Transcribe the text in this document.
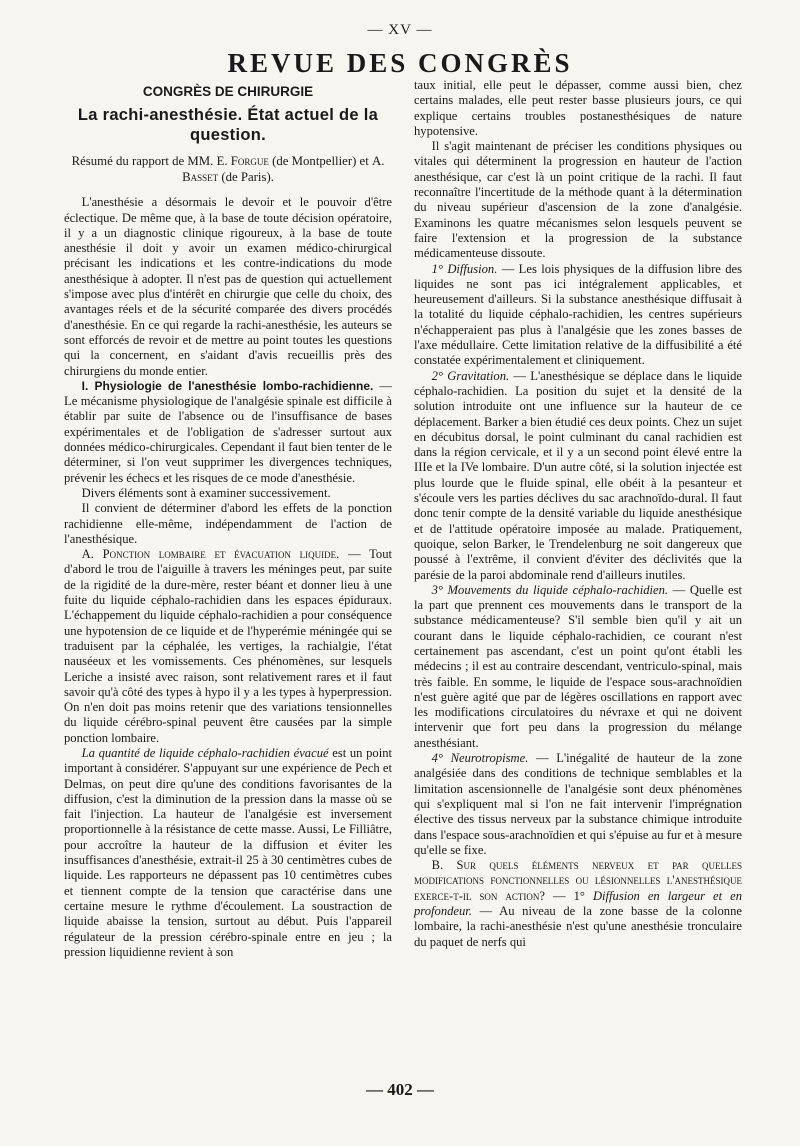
— XV —
REVUE DES CONGRÈS
CONGRÈS DE CHIRURGIE
La rachi-anesthésie. État actuel de la question.
Résumé du rapport de MM. E. Forgue (de Montpellier) et A. Basset (de Paris).

L'anesthésie a désormais le devoir et le pouvoir d'être éclectique. De même que, à la base de toute décision opératoire, il y a un diagnostic clinique rigoureux, à la base de toute anesthésie il doit y avoir un examen médico-chirurgical précisant les indications et les contre-indications du mode anesthésique à adopter. Il n'est pas de question qui actuellement s'impose avec plus d'intérêt en chirurgie que celle du choix, des avantages réels et de la sécurité comparée des divers procédés d'anesthésie. En ce qui regarde la rachi-anesthésie, les auteurs se sont efforcés de revoir et de mettre au point toutes les questions qui la concernent, en s'aidant d'avis recueillis près des chirurgiens du monde entier.

I. Physiologie de l'anesthésie lombo-rachidienne. — Le mécanisme physiologique de l'analgésie spinale est difficile à établir par suite de l'absence ou de l'insuffisance de bases expérimentales et de l'obligation de s'adresser surtout aux données médico-chirurgicales. Cependant il faut bien tenter de le déterminer, si l'on veut supprimer les divergences techniques, prévenir les échecs et les risques de ce mode d'anesthésie.

Divers éléments sont à examiner successivement.

Il convient de déterminer d'abord les effets de la ponction rachidienne elle-même, indépendamment de l'action de l'anesthésique.

A. Ponction lombaire et évacuation liquide. — Tout d'abord le trou de l'aiguille à travers les méninges peut, par suite de la rigidité de la dure-mère, rester béant et donner lieu à une fuite du liquide céphalo-rachidien dans les espaces épiduraux. L'échappement du liquide céphalo-rachidien a pour conséquence une hypotension de ce liquide et de l'hyperémie méningée qui se traduisent par la céphalée, les vertiges, la rachialgie, l'état nauséeux et les vomissements. Ces phénomènes, sur lesquels Leriche a insisté avec raison, sont relativement rares et il faut savoir qu'à côté des types à hypo il y a les types à hyperpression. On n'en doit pas moins retenir que des variations tensionnelles du liquide cérébro-spinal peuvent être causées par la simple ponction lombaire.

La quantité de liquide céphalo-rachidien évacué est un point important à considérer. S'appuyant sur une expérience de Pech et Delmas, on peut dire qu'une des conditions favorisantes de la diffusion, c'est la diminution de la pression dans la masse où se fait l'injection. La hauteur de l'analgésie est inversement proportionnelle à la résistance de cette masse. Aussi, Le Filliâtre, pour accroître la hauteur de la diffusion et éviter les insuffisances d'anesthésie, extrait-il 25 à 30 centimètres cubes de liquide. Les rapporteurs ne dépassent pas 10 centimètres cubes et tiennent compte de la tension que caractérise dans une certaine mesure le rythme d'écoulement. La soustraction de liquide abaisse la tension, surtout au début. Puis l'appareil régulateur de la pression cérébro-spinale entre en jeu ; la pression liquidienne revient à son

taux initial, elle peut le dépasser, comme aussi bien, chez certains malades, elle peut rester basse plusieurs jours, ce qui explique certains troubles postanesthésiques de nature hypotensive.

Il s'agit maintenant de préciser les conditions physiques ou vitales qui déterminent la progression en hauteur de l'action anesthésique, car c'est là un point critique de la rachi. Il faut reconnaître l'incertitude de la méthode quant à la détermination du niveau supérieur d'ascension de la zone d'analgésie. Examinons les quatre mécanismes selon lesquels peuvent se faire l'extension et la progression de la substance médicamenteuse dissoute.

1° Diffusion. — Les lois physiques de la diffusion libre des liquides ne sont pas ici intégralement applicables, et heureusement d'ailleurs. Si la substance anesthésique diffusait à la totalité du liquide céphalo-rachidien, les centres supérieurs n'échapperaient pas plus à l'analgésie que les zones basses de l'axe médullaire. Cette limitation relative de la diffusibilité a été constatée expérimentalement et cliniquement.

2° Gravitation. — L'anesthésique se déplace dans le liquide céphalo-rachidien. La position du sujet et la densité de la solution introduite ont une influence sur la hauteur de ce déplacement. Barker a bien étudié ces deux points. Chez un sujet en décubitus dorsal, le point culminant du canal rachidien est dans la région cervicale, et il y a un second point élevé entre la IIIe et la IVe lombaire. D'un autre côté, si la solution injectée est plus lourde que le fluide spinal, elle obéit à la pesanteur et s'écoule vers les parties déclives du sac arachnoïdo-dural. Il faut donc tenir compte de la densité variable du liquide anesthésique et de l'attitude opératoire imposée au malade. Pratiquement, quoique, selon Barker, le Trendelenburg ne soit dangereux que poussé à l'extrême, il convient d'éviter des déclivités que la parésie de la paroi abdominale rend d'ailleurs inutiles.

3° Mouvements du liquide céphalo-rachidien. — Quelle est la part que prennent ces mouvements dans le transport de la substance médicamenteuse? S'il semble bien qu'il y ait un courant dans le liquide céphalo-rachidien, ce courant n'est certainement pas ascendant, c'est un point qu'ont établi les médecins ; il est au contraire descendant, ventriculo-spinal, mais très faible. En somme, le liquide de l'espace sous-arachnoïdien n'est guère agité que par de légères oscillations en rapport avec les modifications circulatoires du névraxe et qui ne doivent intervenir que fort peu dans la progression du mélange anesthésiant.

4° Neurotropisme. — L'inégalité de hauteur de la zone analgésiée dans des conditions de technique semblables et la limitation ascensionnelle de l'analgésie sont deux phénomènes qui s'expliquent mal si l'on ne fait intervenir l'imprégnation élective des tissus nerveux par la substance chimique introduite dans l'espace sous-arachnoïdien et qui s'épuise au fur et à mesure qu'elle se fixe.

B. Sur quels éléments nerveux et par quelles modifications fonctionnelles ou lésionnelles l'anesthésique exerce-t-il son action? — 1° Diffusion en largeur et en profondeur. — Au niveau de la zone basse de la colonne lombaire, la rachi-anesthésie n'est qu'une anesthésie tronculaire du paquet de nerfs qui

— 402 —
